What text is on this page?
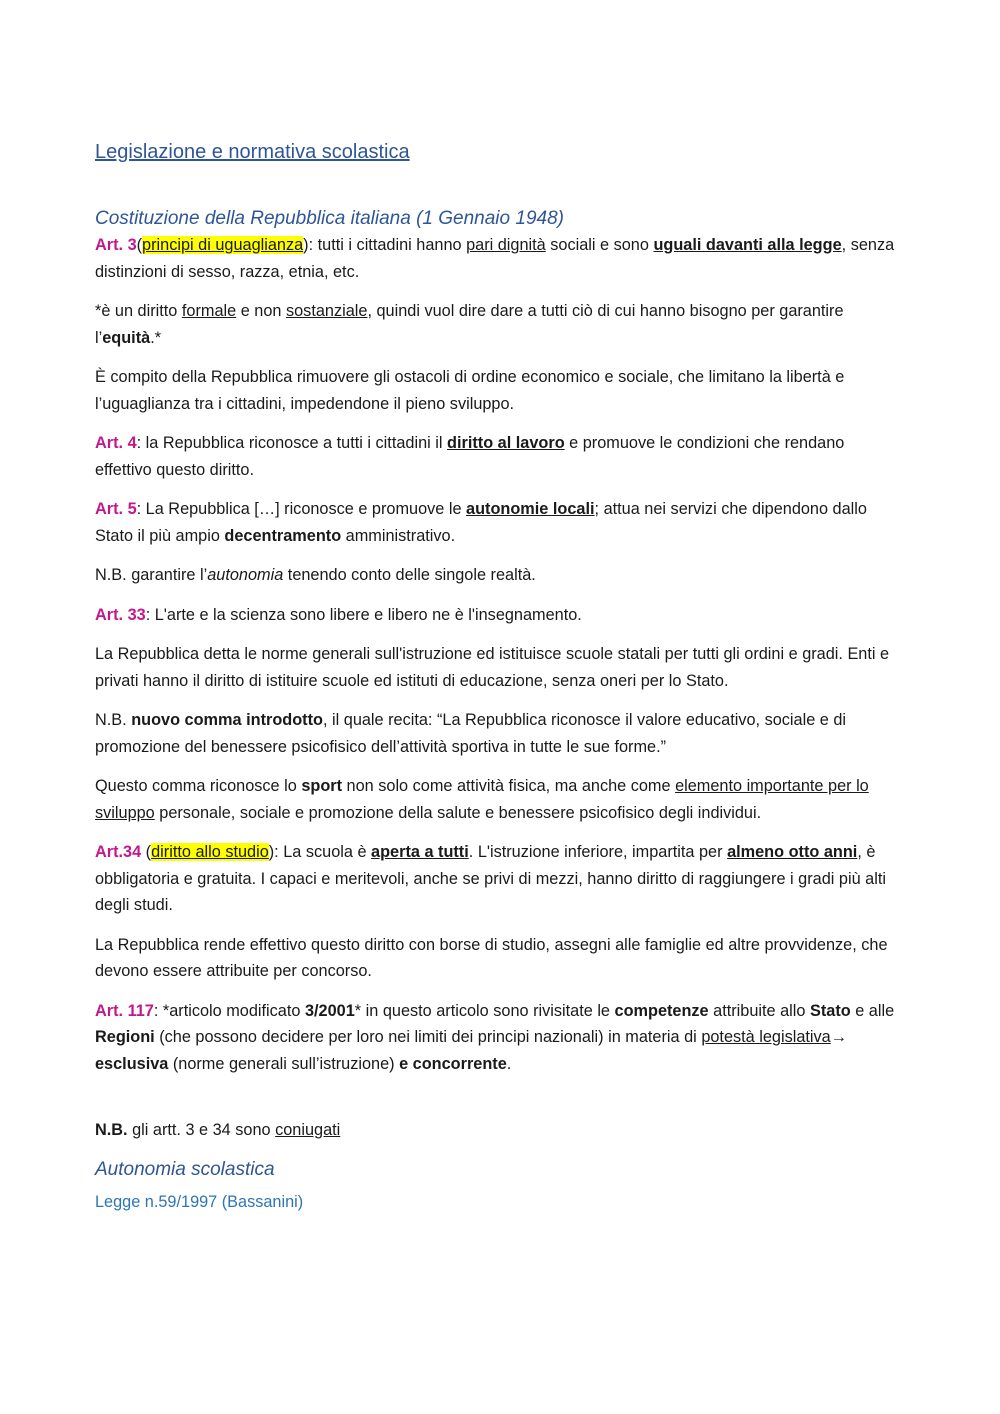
Legislazione e normativa scolastica
Costituzione della Repubblica italiana (1 Gennaio 1948)

Art. 3(principi di uguaglianza): tutti i cittadini hanno pari dignità sociali e sono uguali davanti alla legge, senza distinzioni di sesso, razza, etnia, etc.

*è un diritto formale e non sostanziale, quindi vuol dire dare a tutti ciò di cui hanno bisogno per garantire l’equità.*

È compito della Repubblica rimuovere gli ostacoli di ordine economico e sociale, che limitano la libertà e l’uguaglianza tra i cittadini, impedendone il pieno sviluppo.

Art. 4: la Repubblica riconosce a tutti i cittadini il diritto al lavoro e promuove le condizioni che rendano effettivo questo diritto.

Art. 5: La Repubblica […] riconosce e promuove le autonomie locali; attua nei servizi che dipendono dallo Stato il più ampio decentramento amministrativo.

N.B. garantire l’autonomia tenendo conto delle singole realtà.

Art. 33: L'arte e la scienza sono libere e libero ne è l'insegnamento.

La Repubblica detta le norme generali sull'istruzione ed istituisce scuole statali per tutti gli ordini e gradi. Enti e privati hanno il diritto di istituire scuole ed istituti di educazione, senza oneri per lo Stato.

N.B. nuovo comma introdotto, il quale recita: “La Repubblica riconosce il valore educativo, sociale e di promozione del benessere psicofisico dell’attività sportiva in tutte le sue forme.”

Questo comma riconosce lo sport non solo come attività fisica, ma anche come elemento importante per lo sviluppo personale, sociale e promozione della salute e benessere psicofisico degli individui.

Art.34 (diritto allo studio): La scuola è aperta a tutti. L'istruzione inferiore, impartita per almeno otto anni, è obbligatoria e gratuita. I capaci e meritevoli, anche se privi di mezzi, hanno diritto di raggiungere i gradi più alti degli studi.

La Repubblica rende effettivo questo diritto con borse di studio, assegni alle famiglie ed altre provvidenze, che devono essere attribuite per concorso.

Art. 117: *articolo modificato 3/2001* in questo articolo sono rivisitate le competenze attribuite allo Stato e alle Regioni (che possono decidere per loro nei limiti dei principi nazionali) in materia di potestà legislativa→ esclusiva (norme generali sull’istruzione) e concorrente.

N.B. gli artt. 3 e 34 sono coniugati

Autonomia scolastica
Legge n.59/1997 (Bassanini)
